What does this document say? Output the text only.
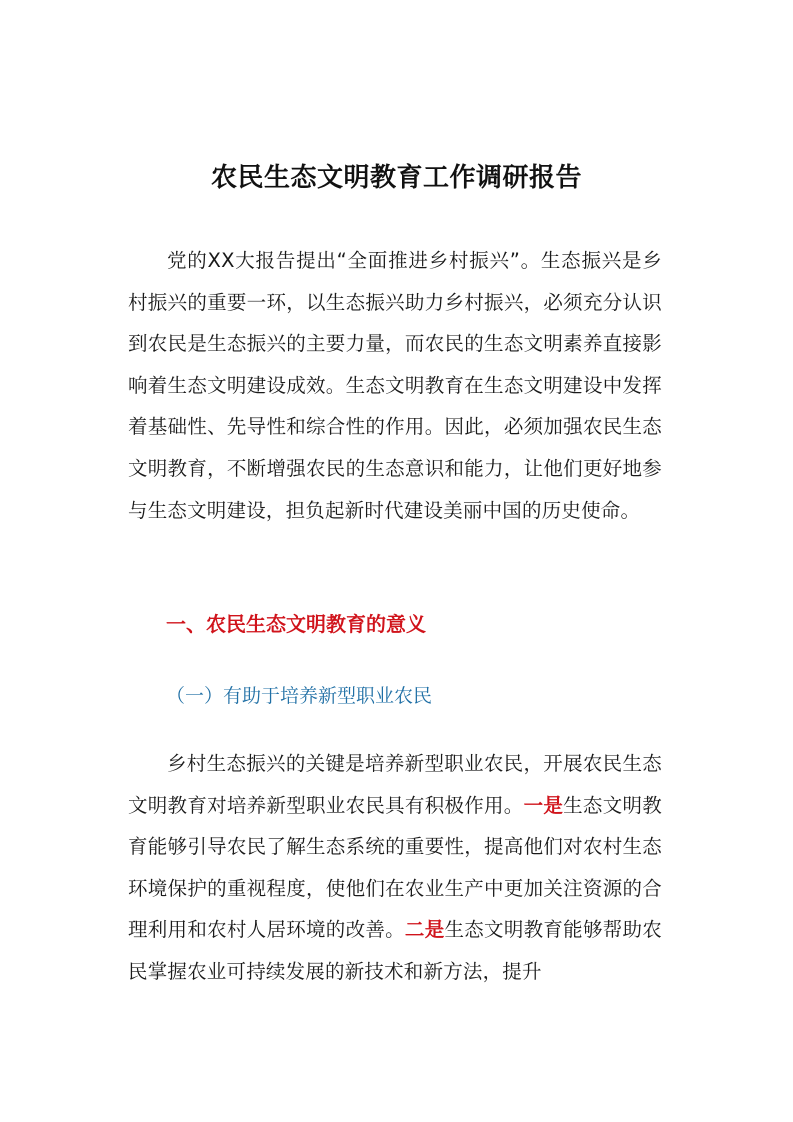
农民生态文明教育工作调研报告

党的XX大报告提出“全面推进乡村振兴”。生态振兴是乡村振兴的重要一环，以生态振兴助力乡村振兴，必须充分认识到农民是生态振兴的主要力量，而农民的生态文明素养直接影响着生态文明建设成效。生态文明教育在生态文明建设中发挥着基础性、先导性和综合性的作用。因此，必须加强农民生态文明教育，不断增强农民的生态意识和能力，让他们更好地参与生态文明建设，担负起新时代建设美丽中国的历史使命。

一、农民生态文明教育的意义

（一）有助于培养新型职业农民

乡村生态振兴的关键是培养新型职业农民，开展农民生态文明教育对培养新型职业农民具有积极作用。一是生态文明教育能够引导农民了解生态系统的重要性，提高他们对农村生态环境保护的重视程度，使他们在农业生产中更加关注资源的合理利用和农村人居环境的改善。二是生态文明教育能够帮助农民掌握农业可持续发展的新技术和新方法，提升
